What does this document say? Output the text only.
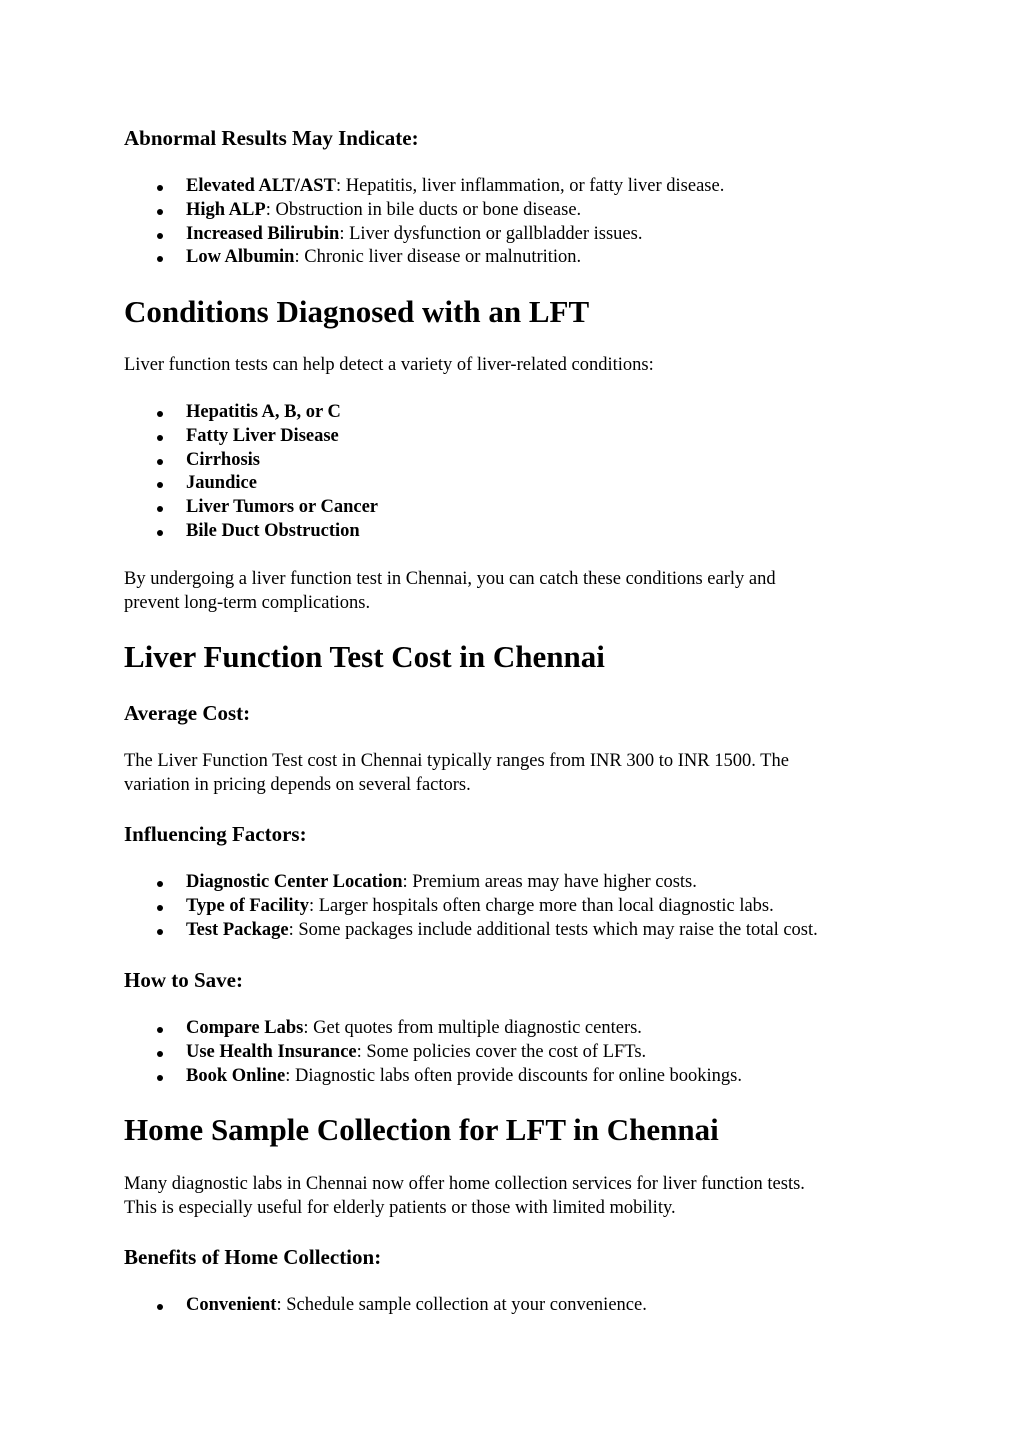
Abnormal Results May Indicate:
Elevated ALT/AST: Hepatitis, liver inflammation, or fatty liver disease.
High ALP: Obstruction in bile ducts or bone disease.
Increased Bilirubin: Liver dysfunction or gallbladder issues.
Low Albumin: Chronic liver disease or malnutrition.
Conditions Diagnosed with an LFT
Liver function tests can help detect a variety of liver-related conditions:
Hepatitis A, B, or C
Fatty Liver Disease
Cirrhosis
Jaundice
Liver Tumors or Cancer
Bile Duct Obstruction
By undergoing a liver function test in Chennai, you can catch these conditions early and
prevent long-term complications.
Liver Function Test Cost in Chennai
Average Cost:
The Liver Function Test cost in Chennai typically ranges from INR 300 to INR 1500. The
variation in pricing depends on several factors.
Influencing Factors:
Diagnostic Center Location: Premium areas may have higher costs.
Type of Facility: Larger hospitals often charge more than local diagnostic labs.
Test Package: Some packages include additional tests which may raise the total cost.
How to Save:
Compare Labs: Get quotes from multiple diagnostic centers.
Use Health Insurance: Some policies cover the cost of LFTs.
Book Online: Diagnostic labs often provide discounts for online bookings.
Home Sample Collection for LFT in Chennai
Many diagnostic labs in Chennai now offer home collection services for liver function tests.
This is especially useful for elderly patients or those with limited mobility.
Benefits of Home Collection:
Convenient: Schedule sample collection at your convenience.
